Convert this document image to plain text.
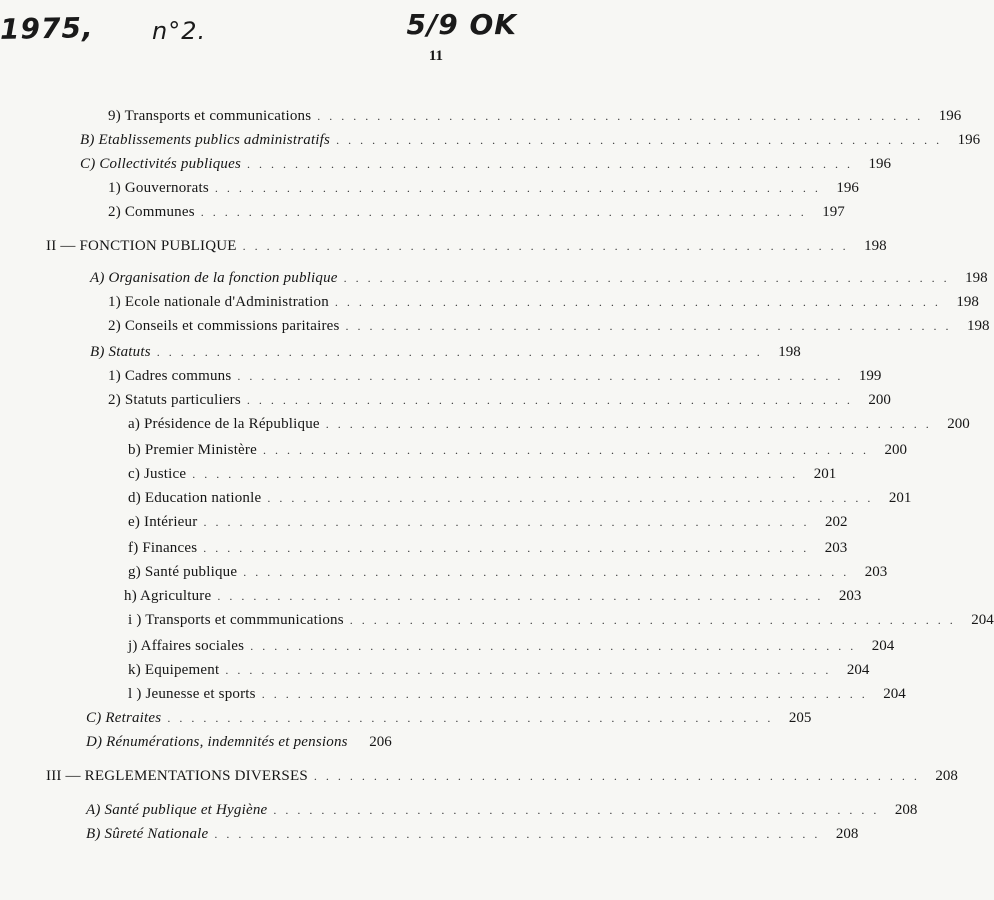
1975, n°2.	5/9 OK
11
9) Transports et communications . . . . . . . . . . . . . . . . . . . . . . . . . . . . . . . . . . . . . . . . . . . . . . . . . . .	196
B) Etablissements publics administratifs . . . . . . . . . . . . . . . . . . . . . . . . . . . . . . . . . . . . . . . . . . . . . . . . . . .	196
C) Collectivités publiques . . . . . . . . . . . . . . . . . . . . . . . . . . . . . . . . . . . . . . . . . . . . . . . . . . .	196
1) Gouvernorats . . . . . . . . . . . . . . . . . . . . . . . . . . . . . . . . . . . . . . . . . . . . . . . . . . .	196
2) Communes . . . . . . . . . . . . . . . . . . . . . . . . . . . . . . . . . . . . . . . . . . . . . . . . . . .	197
II — FONCTION PUBLIQUE . . . . . . . . . . . . . . . . . . . . . . . . . . . . . . . . . . . . . . . . . . . . . . . . . . .	198
A) Organisation de la fonction publique . . . . . . . . . . . . . . . . . . . . . . . . . . . . . . . . . . . . . . . . . . . . . . . . . . .	198
1) Ecole nationale d'Administration . . . . . . . . . . . . . . . . . . . . . . . . . . . . . . . . . . . . . . . . . . . . . . . . . . .	198
2) Conseils et commissions paritaires . . . . . . . . . . . . . . . . . . . . . . . . . . . . . . . . . . . . . . . . . . . . . . . . . . .	198
B) Statuts . . . . . . . . . . . . . . . . . . . . . . . . . . . . . . . . . . . . . . . . . . . . . . . . . . .	198
1) Cadres communs . . . . . . . . . . . . . . . . . . . . . . . . . . . . . . . . . . . . . . . . . . . . . . . . . . .	199
2) Statuts particuliers . . . . . . . . . . . . . . . . . . . . . . . . . . . . . . . . . . . . . . . . . . . . . . . . . . .	200
a) Présidence de la République . . . . . . . . . . . . . . . . . . . . . . . . . . . . . . . . . . . . . . . . . . . . . . . . . . .	200
b) Premier Ministère . . . . . . . . . . . . . . . . . . . . . . . . . . . . . . . . . . . . . . . . . . . . . . . . . . .	200
c) Justice . . . . . . . . . . . . . . . . . . . . . . . . . . . . . . . . . . . . . . . . . . . . . . . . . . .	201
d) Education nationle . . . . . . . . . . . . . . . . . . . . . . . . . . . . . . . . . . . . . . . . . . . . . . . . . . .	201
e) Intérieur . . . . . . . . . . . . . . . . . . . . . . . . . . . . . . . . . . . . . . . . . . . . . . . . . . .	202
f) Finances . . . . . . . . . . . . . . . . . . . . . . . . . . . . . . . . . . . . . . . . . . . . . . . . . . .	203
g) Santé publique . . . . . . . . . . . . . . . . . . . . . . . . . . . . . . . . . . . . . . . . . . . . . . . . . . .	203
h) Agriculture . . . . . . . . . . . . . . . . . . . . . . . . . . . . . . . . . . . . . . . . . . . . . . . . . . .	203
i ) Transports et commmunications . . . . . . . . . . . . . . . . . . . . . . . . . . . . . . . . . . . . . . . . . . . . . . . . . . .	204
j) Affaires sociales . . . . . . . . . . . . . . . . . . . . . . . . . . . . . . . . . . . . . . . . . . . . . . . . . . .	204
k) Equipement . . . . . . . . . . . . . . . . . . . . . . . . . . . . . . . . . . . . . . . . . . . . . . . . . . .	204
l ) Jeunesse et sports . . . . . . . . . . . . . . . . . . . . . . . . . . . . . . . . . . . . . . . . . . . . . . . . . . .	204
C) Retraites . . . . . . . . . . . . . . . . . . . . . . . . . . . . . . . . . . . . . . . . . . . . . . . . . . .	205
D) Rénumérations, indemnités et pensions	206
III — REGLEMENTATIONS DIVERSES . . . . . . . . . . . . . . . . . . . . . . . . . . . . . . . . . . . . . . . . . . . . . . . . . . .	208
A) Santé publique et Hygiène . . . . . . . . . . . . . . . . . . . . . . . . . . . . . . . . . . . . . . . . . . . . . . . . . . .	208
B) Sûreté Nationale . . . . . . . . . . . . . . . . . . . . . . . . . . . . . . . . . . . . . . . . . . . . . . . . . . .	208
